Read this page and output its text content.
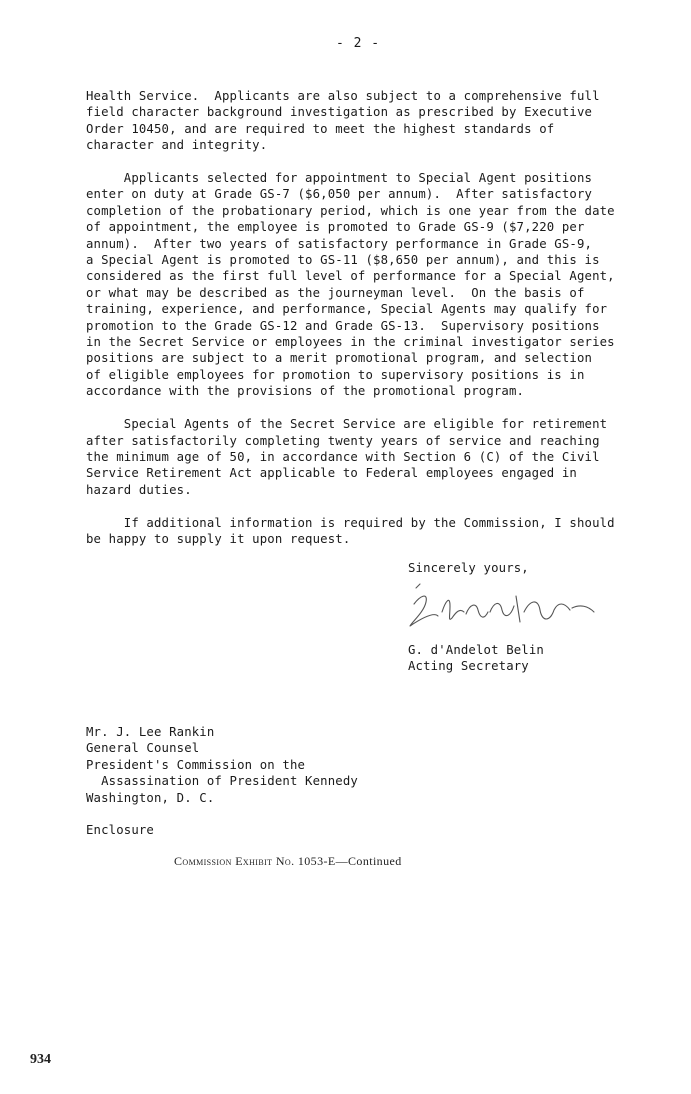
- 2 -
Health Service.  Applicants are also subject to a comprehensive full
field character background investigation as prescribed by Executive
Order 10450, and are required to meet the highest standards of
character and integrity.
Applicants selected for appointment to Special Agent positions
enter on duty at Grade GS-7 ($6,050 per annum).  After satisfactory
completion of the probationary period, which is one year from the date
of appointment, the employee is promoted to Grade GS-9 ($7,220 per
annum).  After two years of satisfactory performance in Grade GS-9,
a Special Agent is promoted to GS-11 ($8,650 per annum), and this is
considered as the first full level of performance for a Special Agent,
or what may be described as the journeyman level.  On the basis of
training, experience, and performance, Special Agents may qualify for
promotion to the Grade GS-12 and Grade GS-13.  Supervisory positions
in the Secret Service or employees in the criminal investigator series
positions are subject to a merit promotional program, and selection
of eligible employees for promotion to supervisory positions is in
accordance with the provisions of the promotional program.
Special Agents of the Secret Service are eligible for retirement
after satisfactorily completing twenty years of service and reaching
the minimum age of 50, in accordance with Section 6 (C) of the Civil
Service Retirement Act applicable to Federal employees engaged in
hazard duties.
If additional information is required by the Commission, I should
be happy to supply it upon request.
Sincerely yours,
G. d'Andelot Belin
Acting Secretary
Mr. J. Lee Rankin
General Counsel
President's Commission on the
Assassination of President Kennedy
Washington, D. C.
Enclosure
Commission Exhibit No. 1053-E—Continued
934
